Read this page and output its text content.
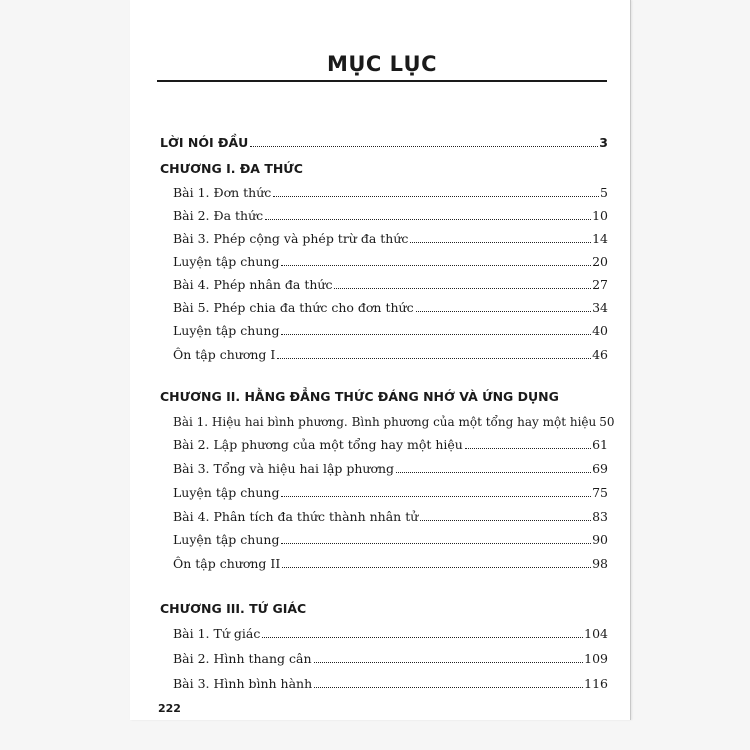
MỤC LỤC
LỜI NÓI ĐẦU	3
CHƯƠNG I. ĐA THỨC
Bài 1. Đơn thức	5
Bài 2. Đa thức	10
Bài 3. Phép cộng và phép trừ đa thức	14
Luyện tập chung	20
Bài 4. Phép nhân đa thức	27
Bài 5. Phép chia đa thức cho đơn thức	34
Luyện tập chung	40
Ôn tập chương I	46
CHƯƠNG II. HẰNG ĐẲNG THỨC ĐÁNG NHỚ VÀ ỨNG DỤNG
Bài 1. Hiệu hai bình phương. Bình phương của một tổng hay một hiệu 50
Bài 2. Lập phương của một tổng hay một hiệu	61
Bài 3. Tổng và hiệu hai lập phương	69
Luyện tập chung	75
Bài 4. Phân tích đa thức thành nhân tử	83
Luyện tập chung	90
Ôn tập chương II	98
CHƯƠNG III. TỨ GIÁC
Bài 1. Tứ giác	104
Bài 2. Hình thang cân	109
Bài 3. Hình bình hành	116
222
